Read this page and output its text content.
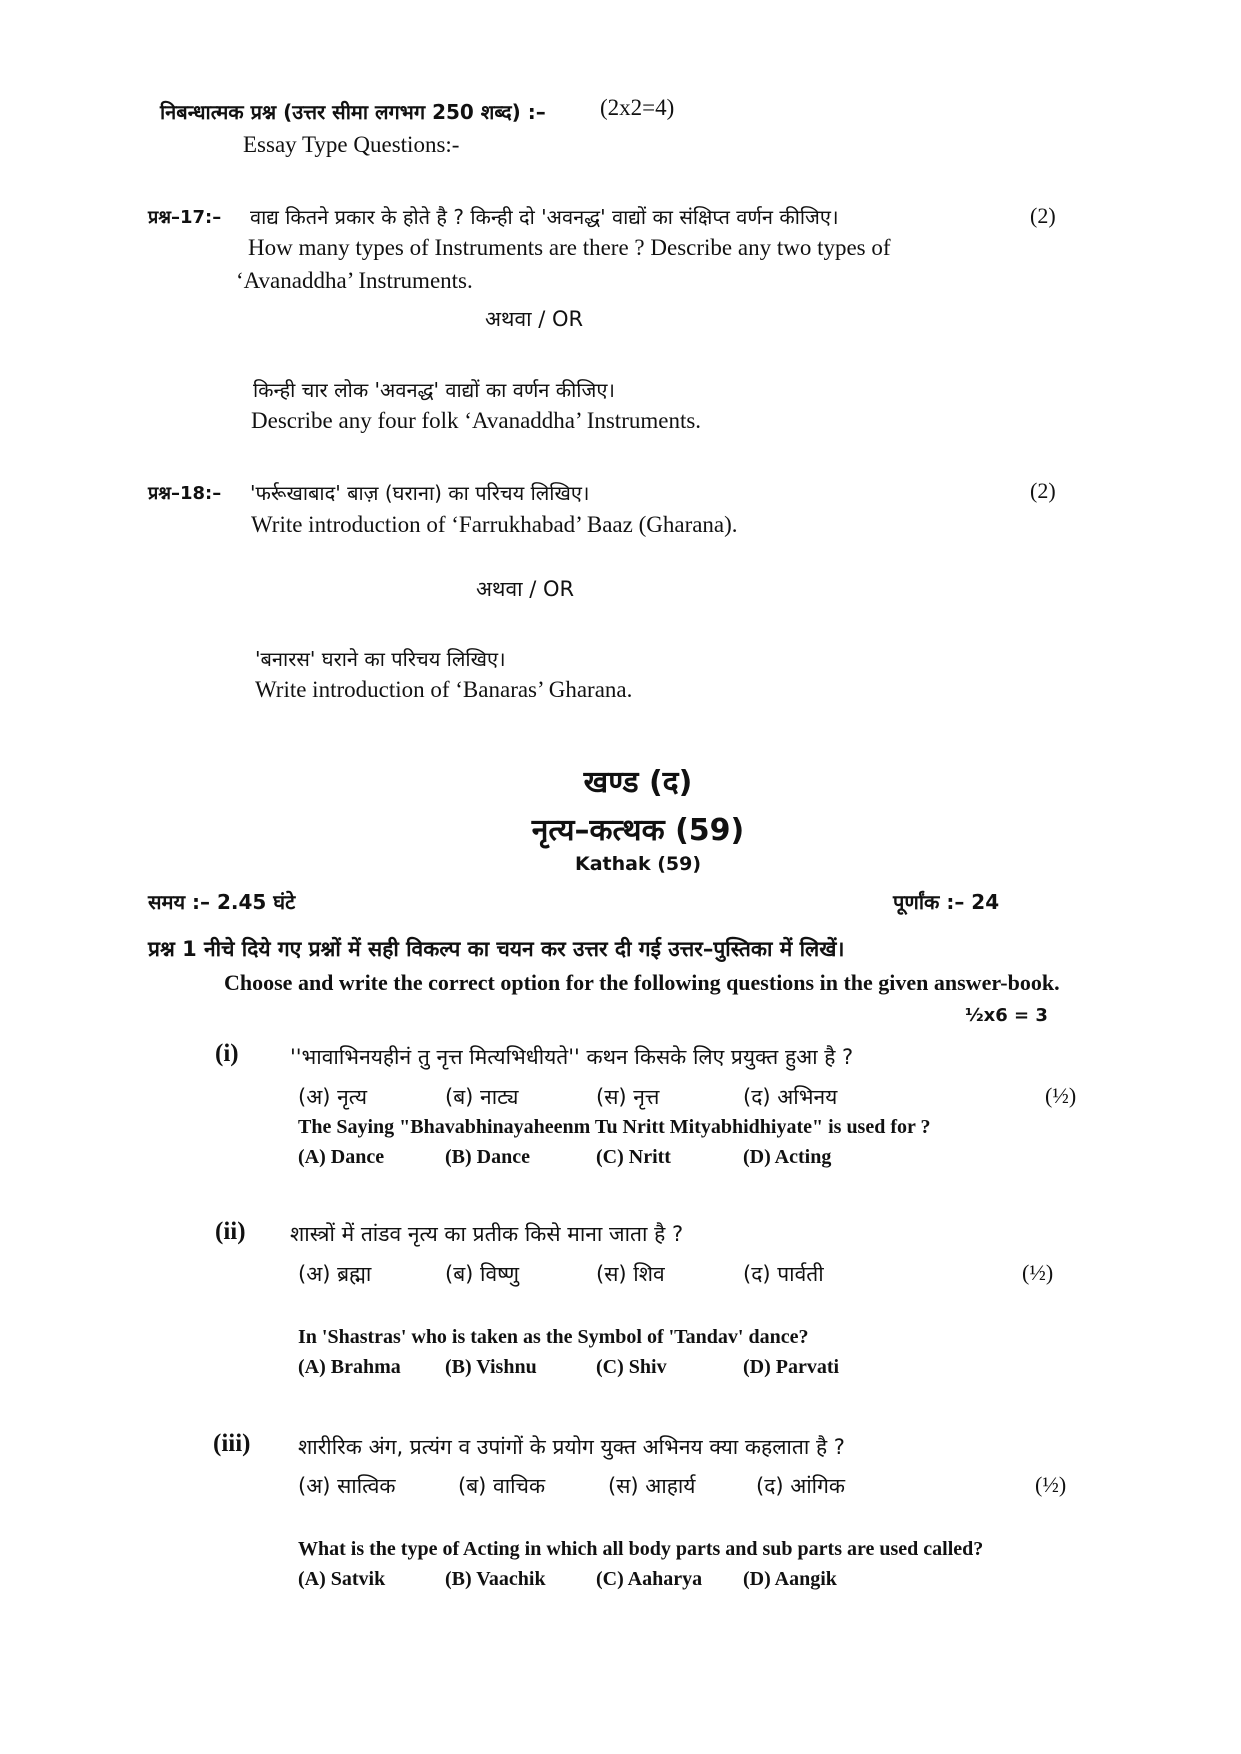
निबन्धात्मक प्रश्न (उत्तर सीमा लगभग 250 शब्द) :– (2x2=4)
Essay Type Questions:-
प्रश्न–17:– वाद्य कितने प्रकार के होते है ? किन्ही दो 'अवनद्ध' वाद्यों का संक्षिप्त वर्णन कीजिए।	(2)
How many types of Instruments are there ? Describe any two types of
‘Avanaddha’ Instruments.
अथवा / OR
किन्ही चार लोक 'अवनद्ध' वाद्यों का वर्णन कीजिए।
Describe any four folk ‘Avanaddha’ Instruments.
प्रश्न–18:– 'फर्रूखाबाद' बाज़ (घराना) का परिचय लिखिए।	(2)
Write introduction of ‘Farrukhabad’ Baaz (Gharana).
अथवा / OR
'बनारस' घराने का परिचय लिखिए।
Write introduction of ‘Banaras’ Gharana.
खण्ड (द)
नृत्य–कत्थक (59)
Kathak (59)
समय :– 2.45 घंटे	पूर्णांक :– 24
प्रश्न 1 नीचे दिये गए प्रश्नों में सही विकल्प का चयन कर उत्तर दी गई उत्तर–पुस्तिका में लिखें।
Choose and write the correct option for the following questions in the given answer-book.
½x6 = 3
(i) ''भावाभिनयहीनं तु नृत्त मित्यभिधीयते'' कथन किसके लिए प्रयुक्त हुआ है ?
(अ) नृत्य	(ब) नाट्य	(स) नृत्त	(द) अभिनय	(½)
The Saying "Bhavabhinayaheenm Tu Nritt Mityabhidhiyate" is used for ?
(A) Dance	(B) Dance	(C) Nritt	(D) Acting
(ii) शास्त्रों में तांडव नृत्य का प्रतीक किसे माना जाता है ?
(अ) ब्रह्मा	(ब) विष्णु	(स) शिव	(द) पार्वती	(½)
In 'Shastras' who is taken as the Symbol of 'Tandav' dance?
(A) Brahma (B) Vishnu	(C) Shiv	(D) Parvati
(iii) शारीरिक अंग, प्रत्यंग व उपांगों के प्रयोग युक्त अभिनय क्या कहलाता है ?
(अ) सात्विक	(ब) वाचिक	(स) आहार्य	(द) आंगिक	(½)
What is the type of Acting in which all body parts and sub parts are used called?
(A) Satvik	(B) Vaachik	(C) Aaharya (D) Aangik
